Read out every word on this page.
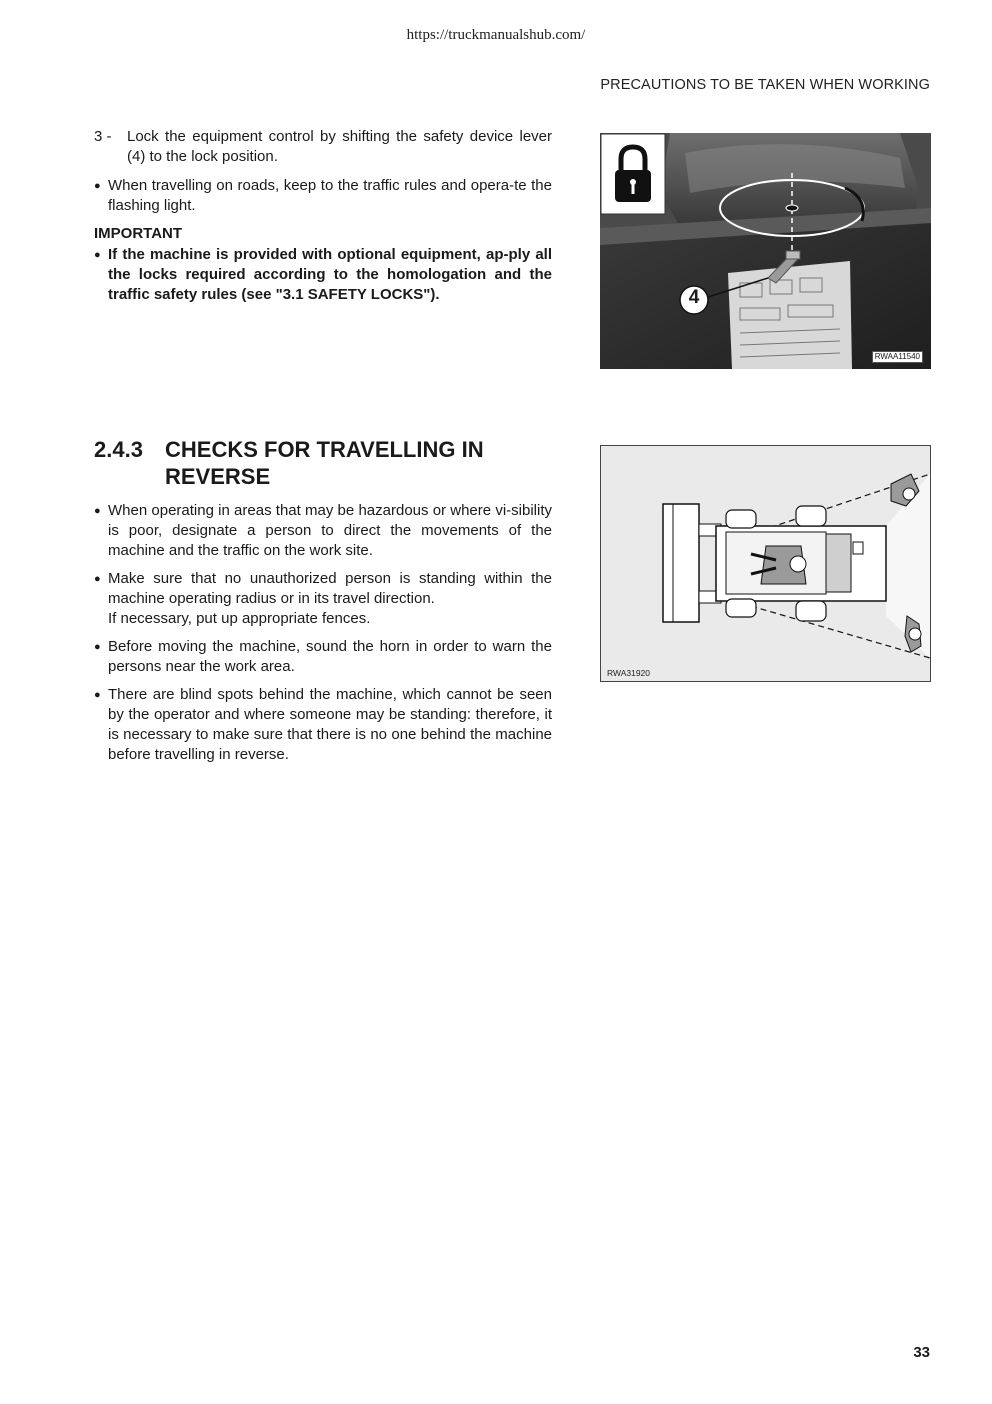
https://truckmanualshub.com/
PRECAUTIONS TO BE TAKEN WHEN WORKING
3 -	Lock the equipment control by shifting the safety device lever (4) to the lock position.
● When travelling on roads, keep to the traffic rules and opera-te the flashing light.
IMPORTANT
● If the machine is provided with optional equipment, ap-ply all the locks required according to the homologation and the traffic safety rules (see "3.1 SAFETY LOCKS").	4
RWAA11540
2.4.3	CHECKS FOR TRAVELLING IN REVERSE
● When operating in areas that may be hazardous or where vi-sibility is poor, designate a person to direct the movements of the machine and the traffic on the work site.
● Make sure that no unauthorized person is standing within the machine operating radius or in its travel direction.
If necessary, put up appropriate fences.
● Before moving the machine, sound the horn in order to warn the persons near the work area.
● There are blind spots behind the machine, which cannot be seen by the operator and where someone may be standing: therefore, it is necessary to make sure that there is no one behind the machine before travelling in reverse.
RWA31920
33
